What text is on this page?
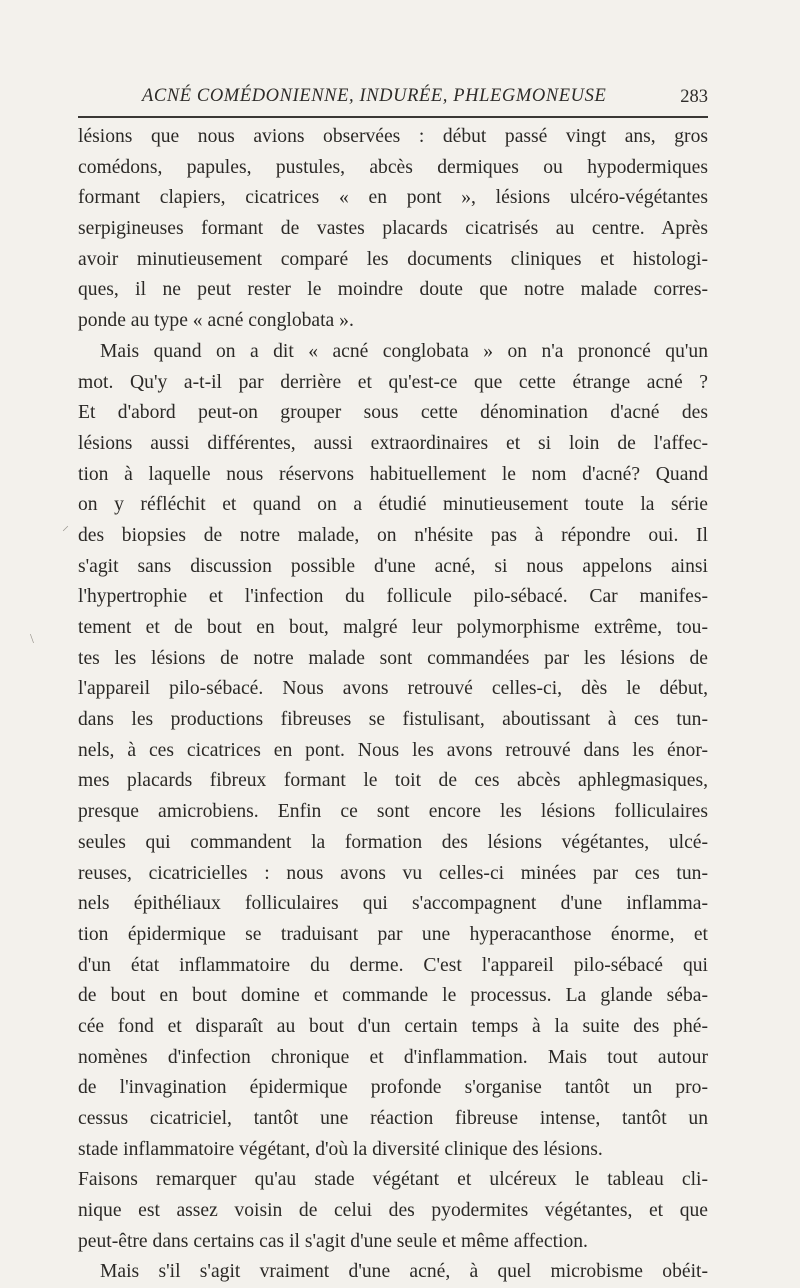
ACNÉ COMÉDONIENNE, INDURÉE, PHLEGMONEUSE	283
lésions que nous avions observées : début passé vingt ans, gros
comédons, papules, pustules, abcès dermiques ou hypodermiques
formant clapiers, cicatrices « en pont », lésions ulcéro-végétantes
serpigineuses formant de vastes placards cicatrisés au centre. Après
avoir minutieusement comparé les documents cliniques et histologi-
ques, il ne peut rester le moindre doute que notre malade corres-
ponde au type « acné conglobata ».
Mais quand on a dit « acné conglobata » on n'a prononcé qu'un
mot. Qu'y a-t-il par derrière et qu'est-ce que cette étrange acné ?
Et d'abord peut-on grouper sous cette dénomination d'acné des
lésions aussi différentes, aussi extraordinaires et si loin de l'affec-
tion à laquelle nous réservons habituellement le nom d'acné? Quand
on y réfléchit et quand on a étudié minutieusement toute la série
des biopsies de notre malade, on n'hésite pas à répondre oui. Il
s'agit sans discussion possible d'une acné, si nous appelons ainsi
l'hypertrophie et l'infection du follicule pilo-sébacé. Car manifes-
tement et de bout en bout, malgré leur polymorphisme extrême, tou-
tes les lésions de notre malade sont commandées par les lésions de
l'appareil pilo-sébacé. Nous avons retrouvé celles-ci, dès le début,
dans les productions fibreuses se fistulisant, aboutissant à ces tun-
nels, à ces cicatrices en pont. Nous les avons retrouvé dans les énor-
mes placards fibreux formant le toit de ces abcès aphlegmasiques,
presque amicrobiens. Enfin ce sont encore les lésions folliculaires
seules qui commandent la formation des lésions végétantes, ulcé-
reuses, cicatricielles : nous avons vu celles-ci minées par ces tun-
nels épithéliaux folliculaires qui s'accompagnent d'une inflamma-
tion épidermique se traduisant par une hyperacanthose énorme, et
d'un état inflammatoire du derme. C'est l'appareil pilo-sébacé qui
de bout en bout domine et commande le processus. La glande séba-
cée fond et disparaît au bout d'un certain temps à la suite des phé-
nomènes d'infection chronique et d'inflammation. Mais tout autour
de l'invagination épidermique profonde s'organise tantôt un pro-
cessus cicatriciel, tantôt une réaction fibreuse intense, tantôt un
stade inflammatoire végétant, d'où la diversité clinique des lésions.
Faisons remarquer qu'au stade végétant et ulcéreux le tableau cli-
nique est assez voisin de celui des pyodermites végétantes, et que
peut-être dans certains cas il s'agit d'une seule et même affection.
Mais s'il s'agit vraiment d'une acné, à quel microbisme obéit-
⸝
\
